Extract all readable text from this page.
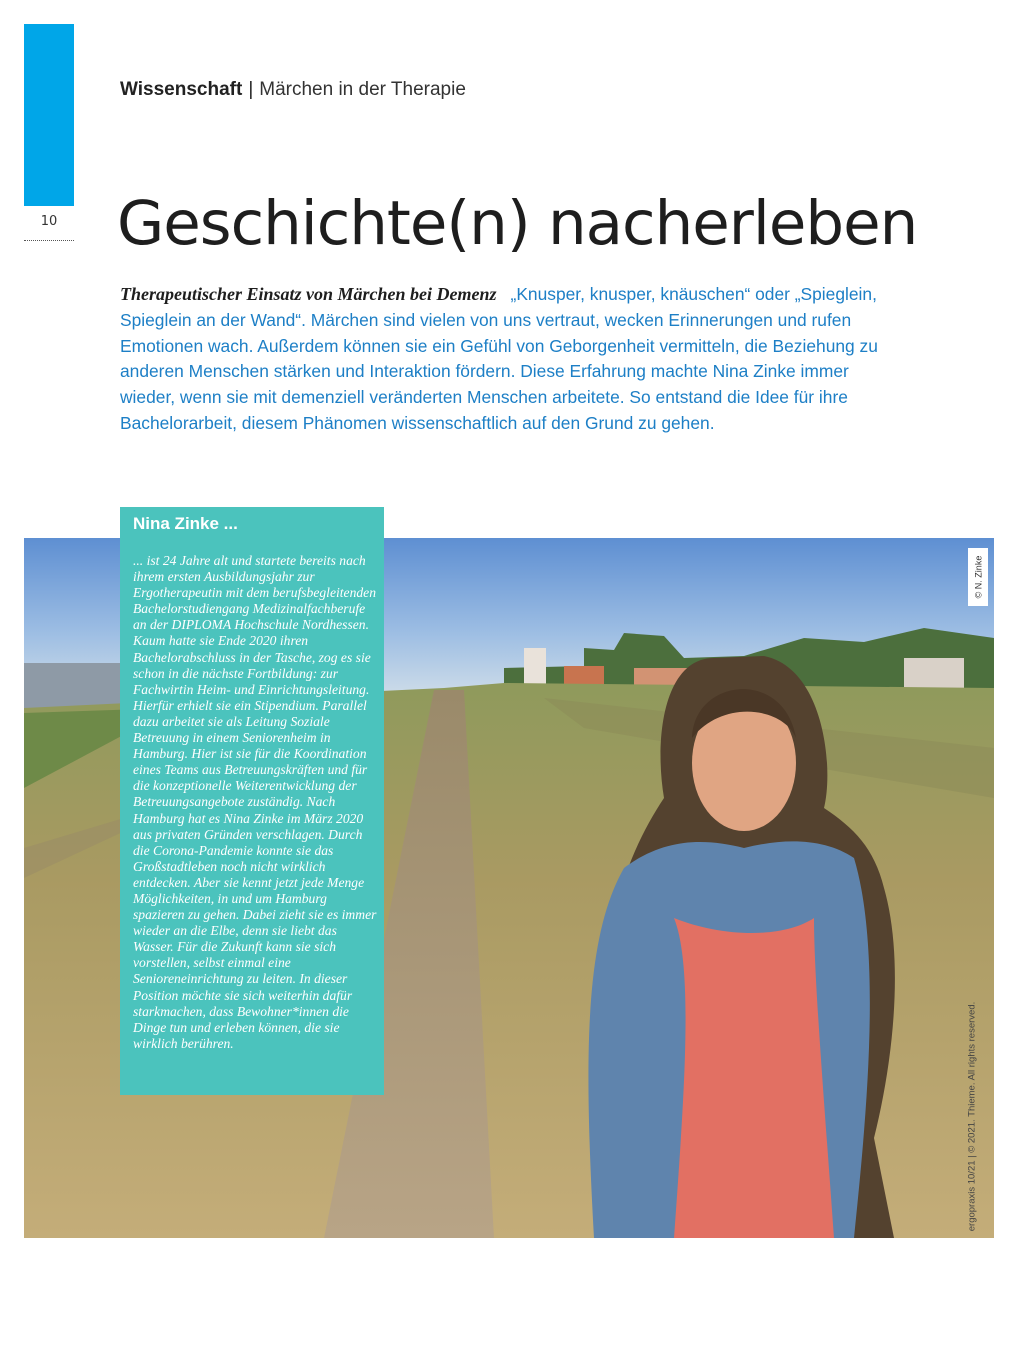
10
Wissenschaft | Märchen in der Therapie
Geschichte(n) nacherleben

Therapeutischer Einsatz von Märchen bei Demenz „Knusper, knusper, knäuschen“ oder „Spieglein, Spieglein an der Wand“. Märchen sind vielen von uns vertraut, wecken Erinnerungen und rufen Emotionen wach. Außerdem können sie ein Gefühl von Geborgenheit vermitteln, die Beziehung zu anderen Menschen stärken und Interaktion fördern. Diese Erfahrung machte Nina Zinke immer wieder, wenn sie mit demenziell veränderten Menschen arbeitete. So entstand die Idee für ihre Bachelorarbeit, diesem Phänomen wissenschaftlich auf den Grund zu gehen.

© N. Zinke
ergopraxis 10/21 | © 2021. Thieme. All rights reserved.
Nina Zinke ...

... ist 24 Jahre alt und startete bereits nach ihrem ersten Ausbildungsjahr zur Ergotherapeutin mit dem berufsbegleitenden Bachelorstudiengang Medizinalfachberufe an der DIPLOMA Hochschule Nordhessen. Kaum hatte sie Ende 2020 ihren Bachelorabschluss in der Tasche, zog es sie schon in die nächste Fortbildung: zur Fachwirtin Heim- und Einrichtungsleitung. Hierfür erhielt sie ein Stipendium. Parallel dazu arbeitet sie als Leitung Soziale Betreuung in einem Seniorenheim in Hamburg. Hier ist sie für die Koordination eines Teams aus Betreuungskräften und für die konzeptionelle Weiterentwicklung der Betreuungsangebote zuständig. Nach Hamburg hat es Nina Zinke im März 2020 aus privaten Gründen verschlagen. Durch die Corona-Pandemie konnte sie das Großstadtleben noch nicht wirklich entdecken. Aber sie kennt jetzt jede Menge Möglichkeiten, in und um Hamburg spazieren zu gehen. Dabei zieht sie es immer wieder an die Elbe, denn sie liebt das Wasser. Für die Zukunft kann sie sich vorstellen, selbst einmal eine Senioreneinrichtung zu leiten. In dieser Position möchte sie sich weiterhin dafür starkmachen, dass Bewohner*innen die Dinge tun und erleben können, die sie wirklich berühren.
